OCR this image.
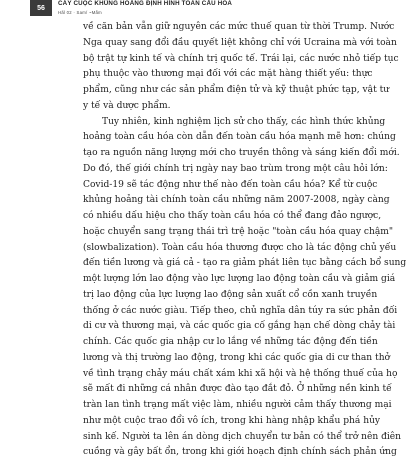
56
CÁY CUỘC KHỦNG HOẢNG ĐỊNH HÌNH TOÀN CẦU HÓA
Hãl 02 · Sam/ ~Mấm
về căn bản vẫn giữ nguyên các mức thuế quan từ thời Trump. Nước
Nga quay sang đổi đầu quyết liệt không chỉ với Ucraina mà với toàn
bộ trật tự kinh tế và chính trị quốc tế. Trái lại, các nước nhỏ tiếp tục
phụ thuộc vào thương mại đối với các mặt hàng thiết yếu: thực
phẩm, cũng như các sản phẩm điện tử và kỹ thuật phức tạp, vật tư
y tế và dược phẩm.
Tuy nhiên, kinh nghiệm lịch sử cho thấy, các hình thức khủng
hoảng toàn cầu hóa còn dẫn đến toàn cầu hóa mạnh mẽ hơn: chúng
tạo ra nguồn năng lượng mới cho truyền thông và sáng kiến đổi mới.
Do đó, thế giới chính trị ngày nay bao trùm trong một câu hỏi lớn:
Covid-19 sẽ tác động như thế nào đến toàn cầu hóa? Kể từ cuộc
khủng hoảng tài chính toàn cầu những năm 2007-2008, ngày càng
có nhiều dấu hiệu cho thấy toàn cầu hóa có thể đang đảo ngược,
hoặc chuyển sang trạng thái trì trệ hoặc "toàn cầu hóa quay chậm"
(slowbalization). Toàn cầu hóa thương được cho là tác động chủ yếu
đến tiền lương và giá cả - tạo ra giảm phát liên tục bằng cách bổ sung
một lượng lớn lao động vào lực lượng lao động toàn cầu và giảm giá
trị lao động của lực lượng lao động sản xuất cổ cồn xanh truyền
thống ở các nước giàu. Tiếp theo, chủ nghĩa dân túy ra sức phản đối
di cư và thương mại, và các quốc gia cố gắng hạn chế dòng chảy tài
chính. Các quốc gia nhập cư lo lắng về những tác động đến tiền
lương và thị trường lao động, trong khi các quốc gia di cư than thở
về tình trạng chảy máu chất xám khi xã hội và hệ thống thuế của họ
sẽ mất đi những cá nhân được đào tạo đắt đỏ. Ở những nền kinh tế
tràn lan tình trạng mất việc làm, nhiều người cảm thấy thương mại
như một cuộc trao đổi vô ích, trong khi hàng nhập khẩu phá hủy
sinh kế. Người ta lên án dòng dịch chuyển tư bản có thể trở nên điên
cuồng và gây bất ổn, trong khi giới hoạch định chính sách phản ứng
